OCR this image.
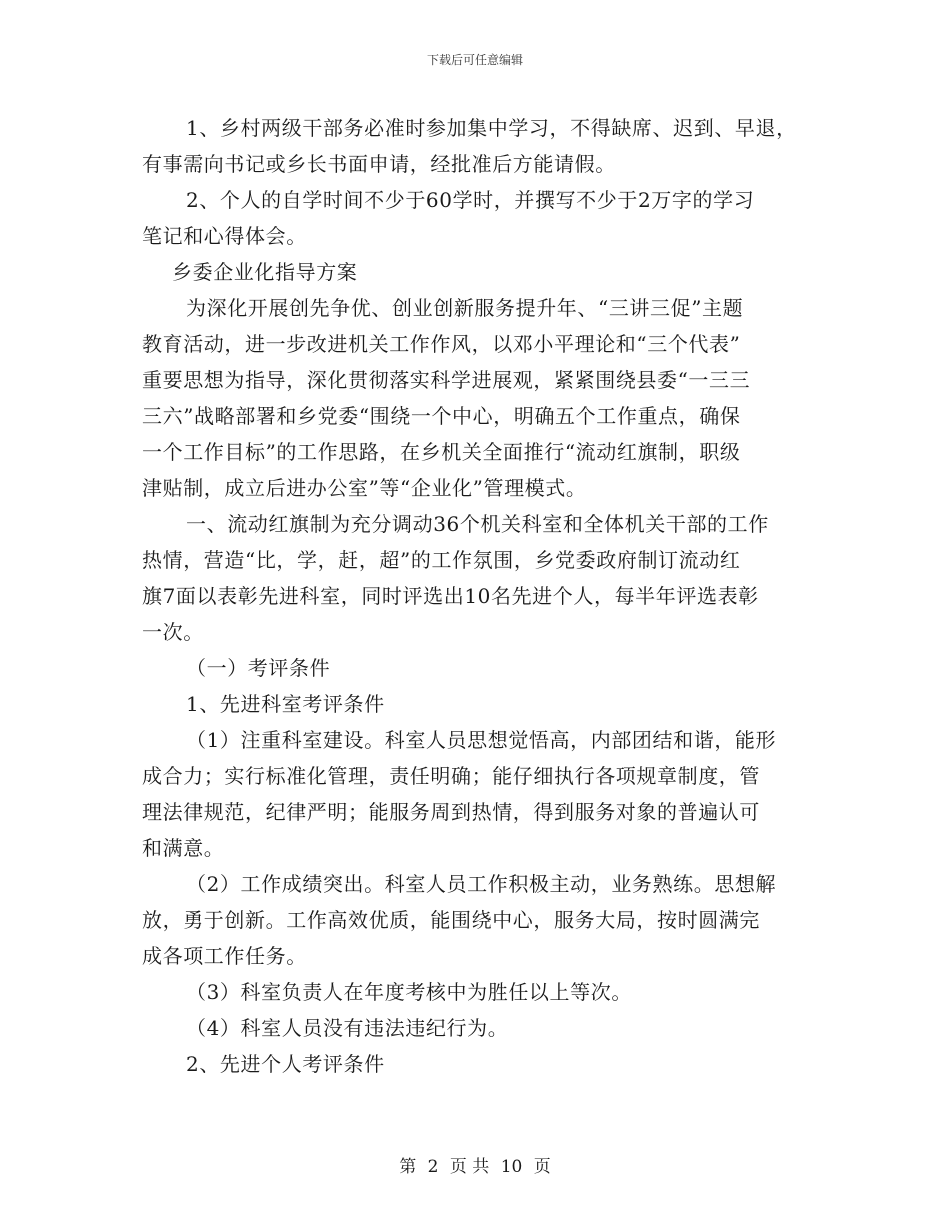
下载后可任意编辑

1、乡村两级干部务必准时参加集中学习，不得缺席、迟到、早退，

有事需向书记或乡长书面申请，经批准后方能请假。

2、个人的自学时间不少于60学时，并撰写不少于2万字的学习

笔记和心得体会。

乡委企业化指导方案

为深化开展创先争优、创业创新服务提升年、“三讲三促”主题

教育活动，进一步改进机关工作作风，以邓小平理论和“三个代表”

重要思想为指导，深化贯彻落实科学进展观，紧紧围绕县委“一三三

三六”战略部署和乡党委“围绕一个中心，明确五个工作重点，确保

一个工作目标”的工作思路，在乡机关全面推行“流动红旗制，职级

津贴制，成立后进办公室”等“企业化”管理模式。

一、流动红旗制为充分调动36个机关科室和全体机关干部的工作

热情，营造“比，学，赶，超”的工作氛围，乡党委政府制订流动红

旗7面以表彰先进科室，同时评选出10名先进个人，每半年评选表彰

一次。

（一）考评条件

1、先进科室考评条件

（1）注重科室建设。科室人员思想觉悟高，内部团结和谐，能形

成合力；实行标准化管理，责任明确；能仔细执行各项规章制度，管

理法律规范，纪律严明；能服务周到热情，得到服务对象的普遍认可

和满意。

（2）工作成绩突出。科室人员工作积极主动，业务熟练。思想解

放，勇于创新。工作高效优质，能围绕中心，服务大局，按时圆满完

成各项工作任务。

（3）科室负责人在年度考核中为胜任以上等次。

（4）科室人员没有违法违纪行为。

2、先进个人考评条件

第 2 页 共 10 页
